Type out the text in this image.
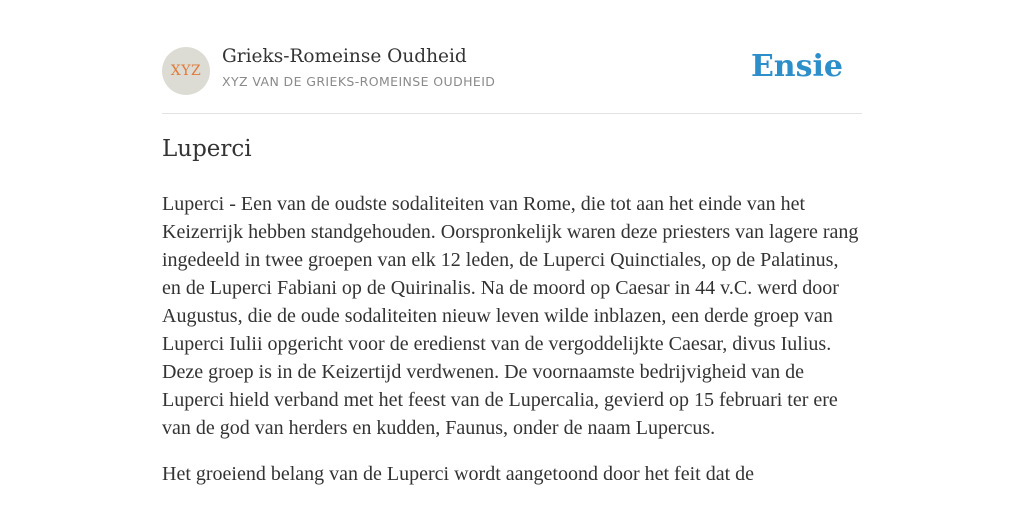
XYZ
Grieks-Romeinse Oudheid
XYZ VAN DE GRIEKS-ROMEINSE OUDHEID	Ensie
Luperci

Luperci - Een van de oudste sodaliteiten van Rome, die tot aan het einde van het Keizerrijk hebben standgehouden. Oorspronkelijk waren deze priesters van lagere rang ingedeeld in twee groepen van elk 12 leden, de Luperci Quinctiales, op de Palatinus, en de Luperci Fabiani op de Quirinalis. Na de moord op Caesar in 44 v.C. werd door Augustus, die de oude sodaliteiten nieuw leven wilde inblazen, een derde groep van Luperci Iulii opgericht voor de eredienst van de vergoddelijkte Caesar, divus Iulius. Deze groep is in de Keizertijd verdwenen. De voornaamste bedrijvigheid van de Luperci hield verband met het feest van de Lupercalia, gevierd op 15 februari ter ere van de god van herders en kudden, Faunus, onder de naam Lupercus.

Het groeiend belang van de Luperci wordt aangetoond door het feit dat de
